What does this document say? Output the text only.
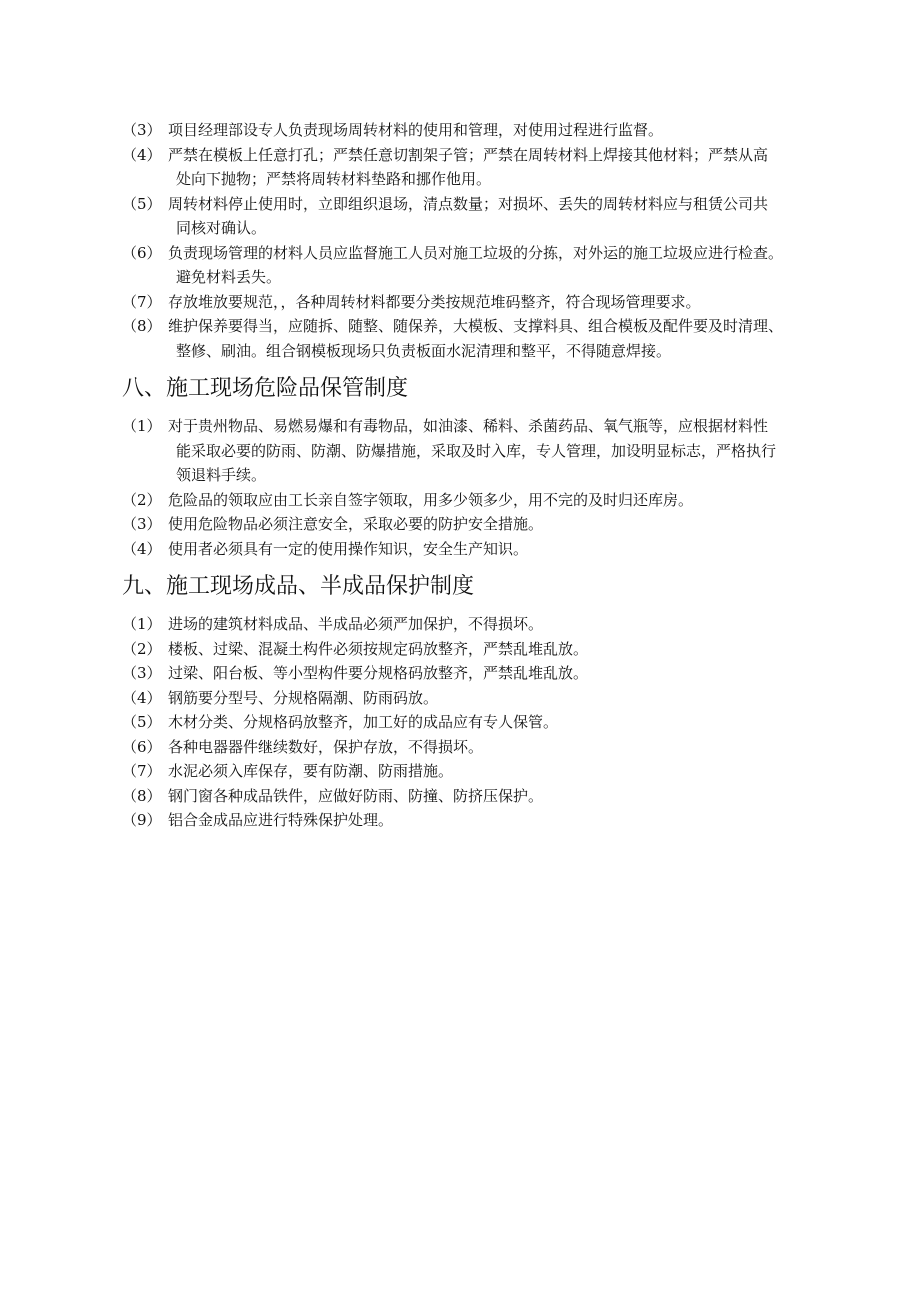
（3） 项目经理部设专人负责现场周转材料的使用和管理，对使用过程进行监督。
（4） 严禁在模板上任意打孔；严禁任意切割架子管；严禁在周转材料上焊接其他材料；严禁从高
处向下抛物；严禁将周转材料垫路和挪作他用。
（5） 周转材料停止使用时，立即组织退场，清点数量；对损坏、丢失的周转材料应与租赁公司共
同核对确认。
（6） 负责现场管理的材料人员应监督施工人员对施工垃圾的分拣，对外运的施工垃圾应进行检查。
避免材料丢失。
（7） 存放堆放要规范，，各种周转材料都要分类按规范堆码整齐，符合现场管理要求。
（8） 维护保养要得当，应随拆、随整、随保养，大模板、支撑料具、组合模板及配件要及时清理、
整修、刷油。组合钢模板现场只负责板面水泥清理和整平，不得随意焊接。
八、施工现场危险品保管制度
（1） 对于贵州物品、易燃易爆和有毒物品，如油漆、稀料、杀菌药品、氧气瓶等，应根据材料性
能采取必要的防雨、防潮、防爆措施，采取及时入库，专人管理，加设明显标志，严格执行
领退料手续。
（2） 危险品的领取应由工长亲自签字领取，用多少领多少，用不完的及时归还库房。
（3） 使用危险物品必须注意安全，采取必要的防护安全措施。
（4） 使用者必须具有一定的使用操作知识，安全生产知识。
九、施工现场成品、半成品保护制度
（1） 进场的建筑材料成品、半成品必须严加保护，不得损坏。
（2） 楼板、过梁、混凝土构件必须按规定码放整齐，严禁乱堆乱放。
（3） 过梁、阳台板、等小型构件要分规格码放整齐，严禁乱堆乱放。
（4） 钢筋要分型号、分规格隔潮、防雨码放。
（5） 木材分类、分规格码放整齐，加工好的成品应有专人保管。
（6） 各种电器器件继续数好，保护存放，不得损坏。
（7） 水泥必须入库保存，要有防潮、防雨措施。
（8） 钢门窗各种成品铁件，应做好防雨、防撞、防挤压保护。
（9） 铝合金成品应进行特殊保护处理。
